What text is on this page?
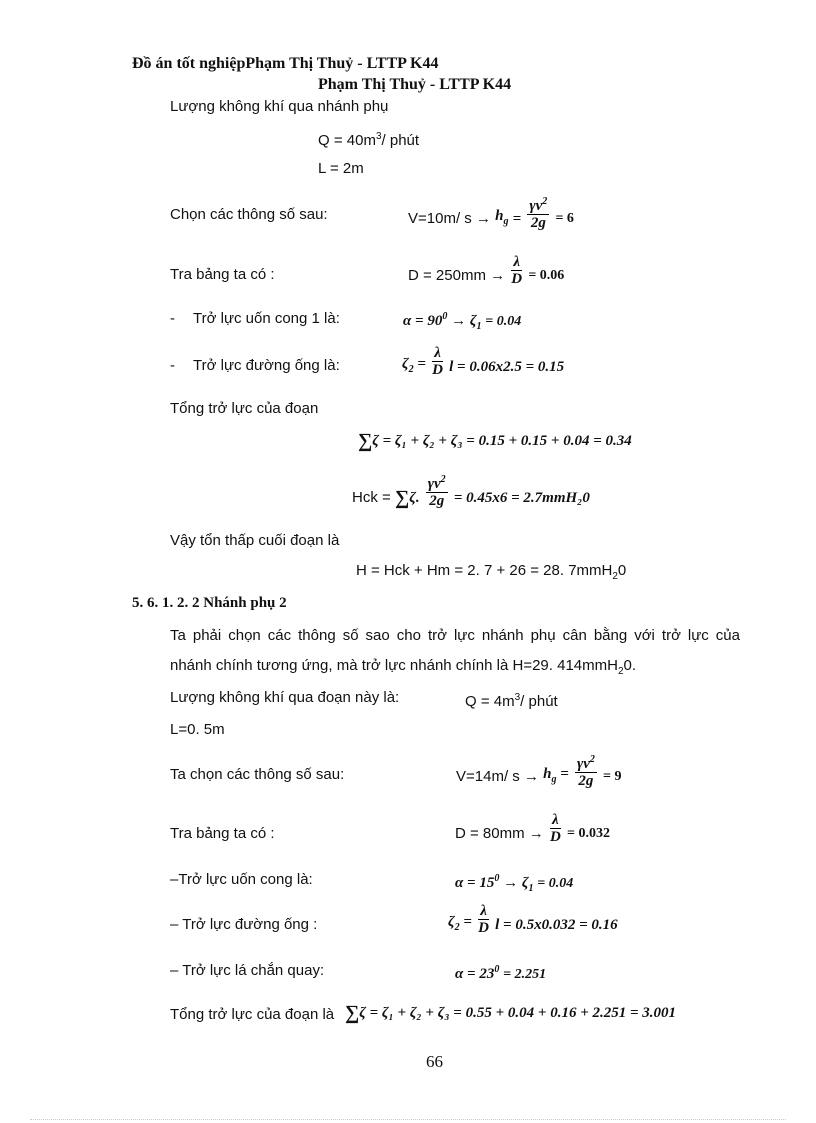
Đồ án tốt nghiệpPhạm Thị Thuỷ - LTTP K44
Phạm Thị Thuỷ - LTTP K44
Lượng không khí qua nhánh phụ
$Q = 40m^3/$ phút
L = 2m
Chọn các thông số sau:	V=10m/ $s \to h_g = \frac{\gamma v^2}{2g} = 6$
Tra bảng ta có :	$D = 250mm \to \frac{\lambda}{D} = 0.06$
- Trở lực uốn cong 1 là:	$\alpha = 90^0 \to \zeta_1 = 0.04$
- Trở lực đường ống là:	$\zeta_2 = \frac{\lambda}{D}$ l = 0.06x2.5 = 0.15
Tổng trở lực của đoạn
∑ζ = ζ₁ + ζ₂ + ζ₃ = 0.15 + 0.15 + 0.04 = 0.34
Hck = ∑ζ. $\frac{\gamma v^2}{2g} = 0.45x6 = 2.7mmH_20$
Vậy tổn thấp cuối đoạn là
H = Hck + Hm = 2. 7 + 26 = 28. 7mmH$_2$0
5. 6. 1. 2. 2 Nhánh phụ 2
Ta phải chọn các thông số sao cho trở lực nhánh phụ cân bằng với trở lực của
nhánh chính tương ứng, mà trở lực nhánh chính là H=29. 414mmH$_2$0.
Lượng không khí qua đoạn này là:	$Q = 4m^3/$ phút
L=0. 5m
Ta chọn các thông số sau:	V=14m/ $s \to h_g = \frac{\gamma v^2}{2g} = 9$
Tra bảng ta có :	$D = 80mm \to \frac{\lambda}{D} = 0.032$
–Trở lực uốn cong là:	$\alpha = 15^0 \to \zeta_1 = 0.04$
– Trở lực đường ống :	$\zeta_2 = \frac{\lambda}{D}$ l = 0.5x0.032 = 0.16
– Trở lực lá chắn quay:	$\alpha = 23^0 = 2.251$
Tổng trở lực của đoạn là ∑ζ = ζ₁ + ζ₂ + ζ₃ = 0.55 + 0.04 + 0.16 + 2.251 = 3.001
66
